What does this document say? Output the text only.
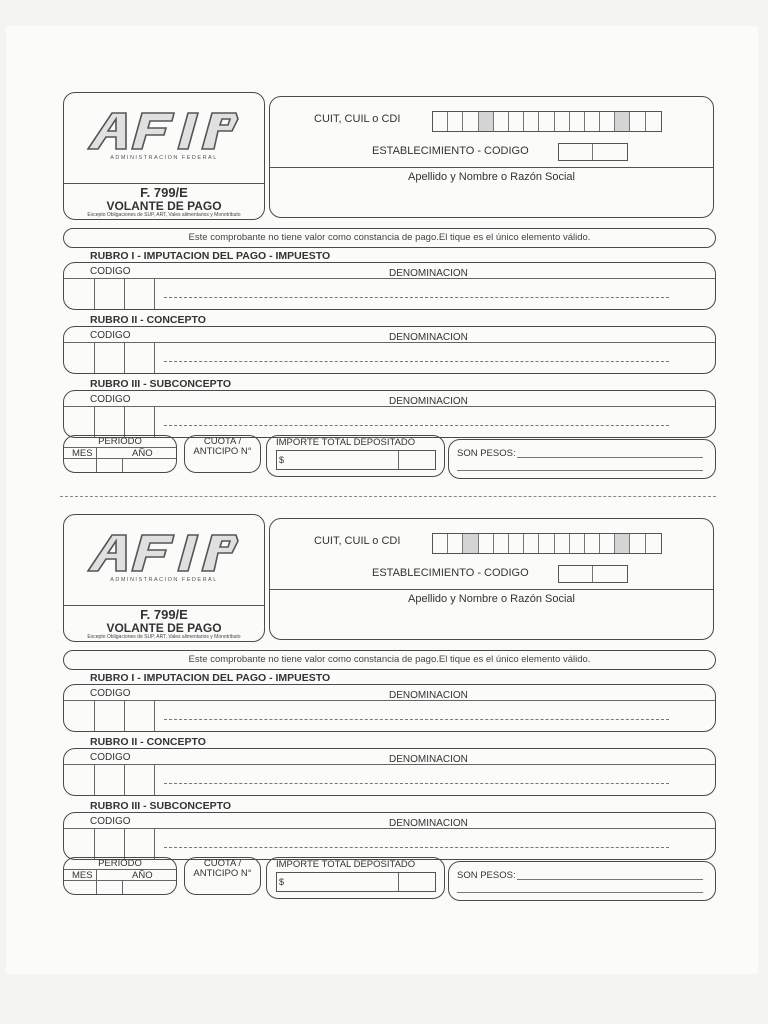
ADMINISTRACION FEDERAL
F. 799/E
VOLANTE DE PAGO
Excepto Obligaciones de SUP, ART, Vales alimentarios y Monotributo
CUIT, CUIL o CDI
ESTABLECIMIENTO - CODIGO
Apellido y Nombre o Razón Social
Este comprobante no tiene valor como constancia de pago.El tique es el único elemento válido.
RUBRO I - IMPUTACION DEL PAGO - IMPUESTO
CODIGO	DENOMINACION
RUBRO II - CONCEPTO
CODIGO	DENOMINACION
RUBRO III - SUBCONCEPTO
CODIGO	DENOMINACION
PERIODO
MES	AÑO
CUOTA /
ANTICIPO N°
IMPORTE TOTAL DEPOSITADO
$
SON PESOS:
ADMINISTRACION FEDERAL
F. 799/E
VOLANTE DE PAGO
Excepto Obligaciones de SUP, ART, Vales alimentarios y Monotributo
CUIT, CUIL o CDI
ESTABLECIMIENTO - CODIGO
Apellido y Nombre o Razón Social
Este comprobante no tiene valor como constancia de pago.El tique es el único elemento válido.
RUBRO I - IMPUTACION DEL PAGO - IMPUESTO
CODIGO	DENOMINACION
RUBRO II - CONCEPTO
CODIGO	DENOMINACION
RUBRO III - SUBCONCEPTO
CODIGO	DENOMINACION
PERIODO
MES	AÑO
CUOTA /
ANTICIPO N°
IMPORTE TOTAL DEPOSITADO
$
SON PESOS:
